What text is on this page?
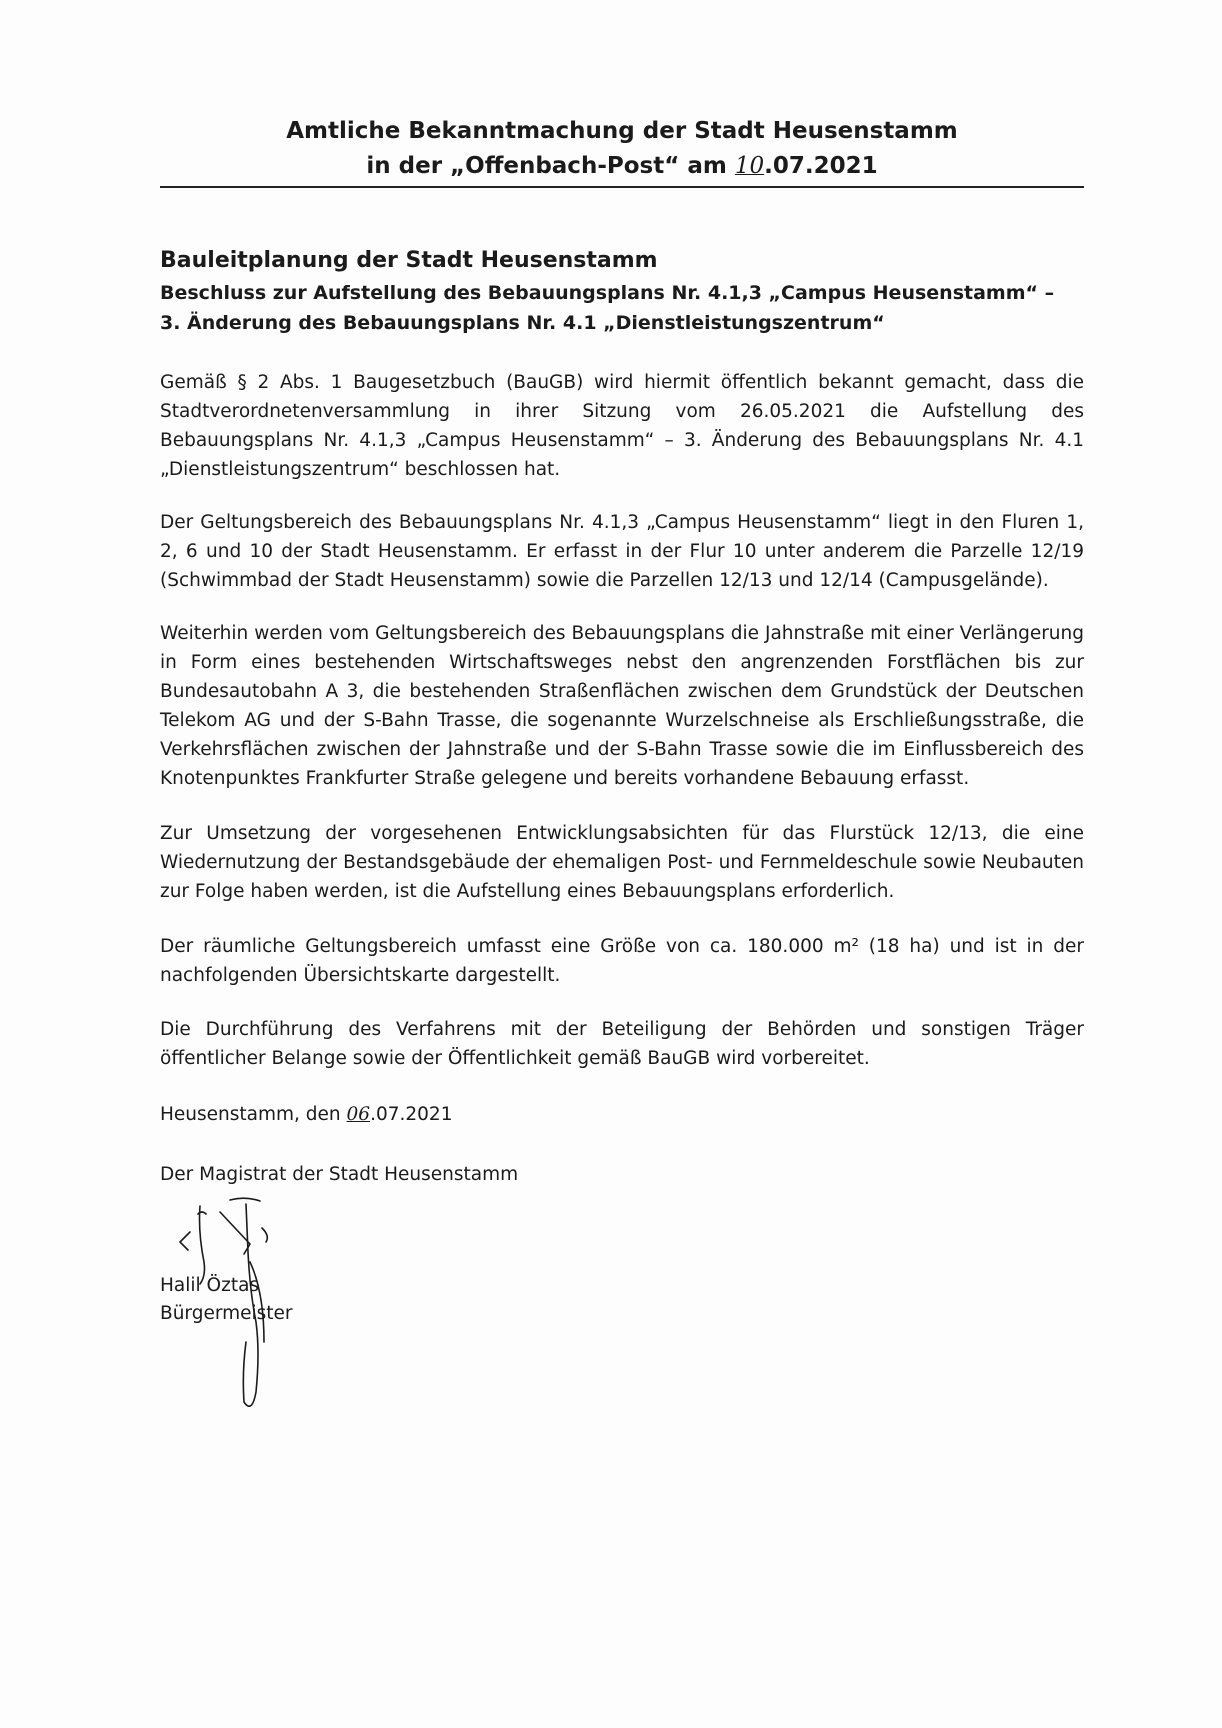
Amtliche Bekanntmachung der Stadt Heusenstamm
in der „Offenbach-Post“ am 10.07.2021
Bauleitplanung der Stadt Heusenstamm
Beschluss zur Aufstellung des Bebauungsplans Nr. 4.1,3 „Campus Heusenstamm“ –
3. Änderung des Bebauungsplans Nr. 4.1 „Dienstleistungszentrum“

Gemäß § 2 Abs. 1 Baugesetzbuch (BauGB) wird hiermit öffentlich bekannt gemacht, dass die Stadtverordnetenversammlung in ihrer Sitzung vom 26.05.2021 die Aufstellung des Bebauungsplans Nr. 4.1,3 „Campus Heusenstamm“ – 3. Änderung des Bebauungsplans Nr. 4.1 „Dienstleistungszentrum“ beschlossen hat.

Der Geltungsbereich des Bebauungsplans Nr. 4.1,3 „Campus Heusenstamm“ liegt in den Fluren 1, 2, 6 und 10 der Stadt Heusenstamm. Er erfasst in der Flur 10 unter anderem die Parzelle 12/19 (Schwimmbad der Stadt Heusenstamm) sowie die Parzellen 12/13 und 12/14 (Campusgelände).

Weiterhin werden vom Geltungsbereich des Bebauungsplans die Jahnstraße mit einer Verlängerung in Form eines bestehenden Wirtschaftsweges nebst den angrenzenden Forstflächen bis zur Bundesautobahn A 3, die bestehenden Straßenflächen zwischen dem Grundstück der Deutschen Telekom AG und der S-Bahn Trasse, die sogenannte Wurzelschneise als Erschließungsstraße, die Verkehrsflächen zwischen der Jahnstraße und der S-Bahn Trasse sowie die im Einflussbereich des Knotenpunktes Frankfurter Straße gelegene und bereits vorhandene Bebauung erfasst.

Zur Umsetzung der vorgesehenen Entwicklungsabsichten für das Flurstück 12/13, die eine Wiedernutzung der Bestandsgebäude der ehemaligen Post- und Fernmeldeschule sowie Neubauten zur Folge haben werden, ist die Aufstellung eines Bebauungsplans erforderlich.

Der räumliche Geltungsbereich umfasst eine Größe von ca. 180.000 m² (18 ha) und ist in der nachfolgenden Übersichtskarte dargestellt.

Die Durchführung des Verfahrens mit der Beteiligung der Behörden und sonstigen Träger öffentlicher Belange sowie der Öffentlichkeit gemäß BauGB wird vorbereitet.

Heusenstamm, den 06.07.2021
Der Magistrat der Stadt Heusenstamm
Halil Öztas
Bürgermeister
